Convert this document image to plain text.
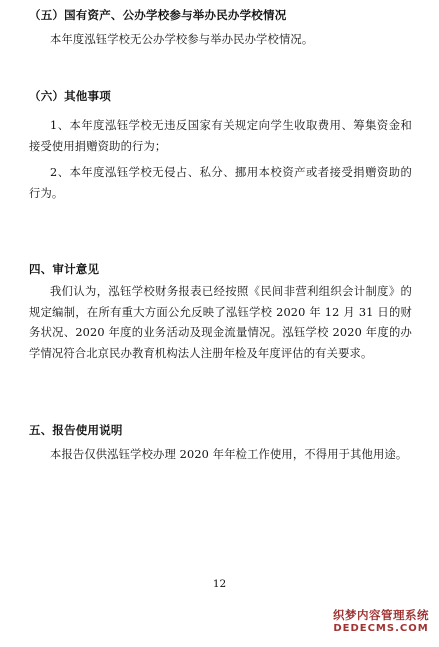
（五）国有资产、公办学校参与举办民办学校情况
本年度泓钰学校无公办学校参与举办民办学校情况。
（六）其他事项
1、本年度泓钰学校无违反国家有关规定向学生收取费用、筹集资金和接受使用捐赠资助的行为；
2、本年度泓钰学校无侵占、私分、挪用本校资产或者接受捐赠资助的行为。
四、审计意见
我们认为，泓钰学校财务报表已经按照《民间非营利组织会计制度》的规定编制，在所有重大方面公允反映了泓钰学校 2020 年 12 月 31 日的财务状况、2020 年度的业务活动及现金流量情况。泓钰学校 2020 年度的办学情况符合北京民办教育机构法人注册年检及年度评估的有关要求。
五、报告使用说明
本报告仅供泓钰学校办理 2020 年年检工作使用，不得用于其他用途。
12
织梦内容管理系统
DEDECMS.COM
